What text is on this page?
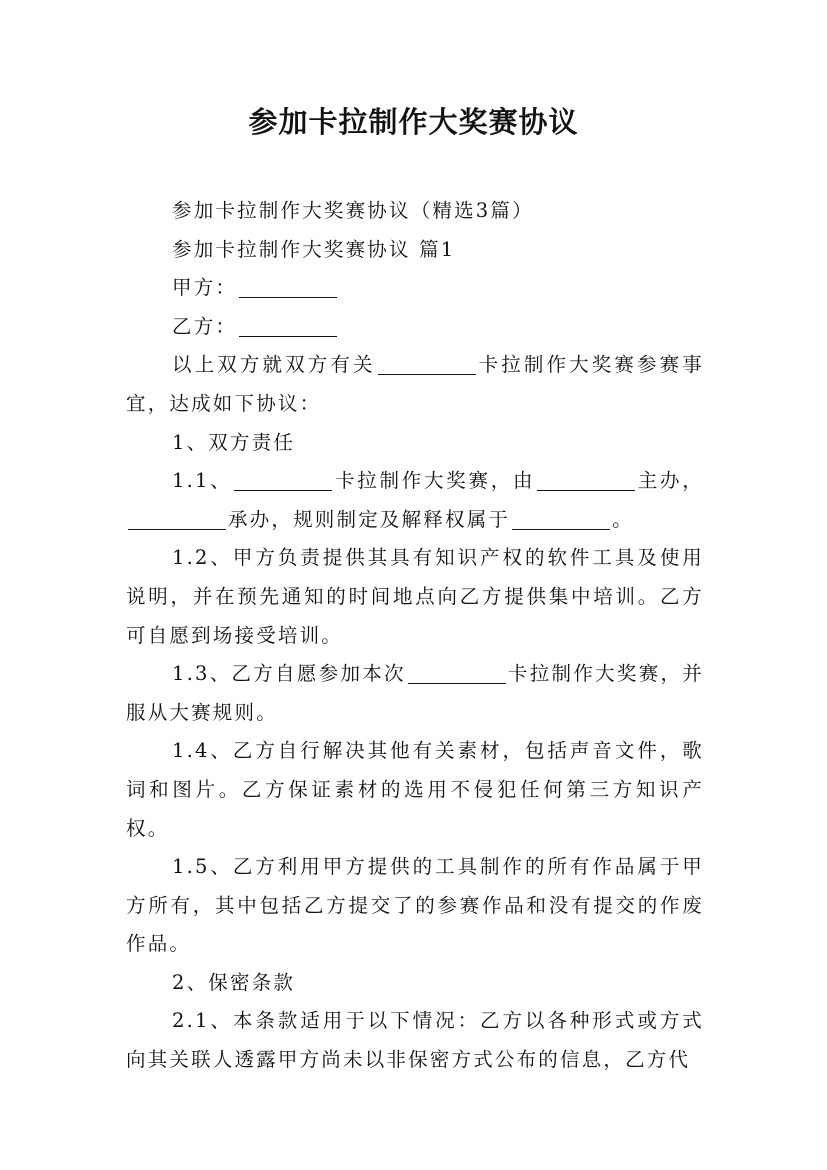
参加卡拉制作大奖赛协议

参加卡拉制作大奖赛协议（精选3篇）

参加卡拉制作大奖赛协议 篇1

甲方：

乙方：

以上双方就双方有关	卡拉制作大奖赛参赛事宜，达成如下协议：

1、双方责任

1.1、	卡拉制作大奖赛，由	主办，承办，规则制定及解释权属于	。

1.2、甲方负责提供其具有知识产权的软件工具及使用说明，并在预先通知的时间地点向乙方提供集中培训。乙方可自愿到场接受培训。

1.3、乙方自愿参加本次	卡拉制作大奖赛，并服从大赛规则。

1.4、乙方自行解决其他有关素材，包括声音文件，歌词和图片。乙方保证素材的选用不侵犯任何第三方知识产权。

1.5、乙方利用甲方提供的工具制作的所有作品属于甲方所有，其中包括乙方提交了的参赛作品和没有提交的作废作品。

2、保密条款

2.1、本条款适用于以下情况：乙方以各种形式或方式向其关联人透露甲方尚未以非保密方式公布的信息，乙方代
